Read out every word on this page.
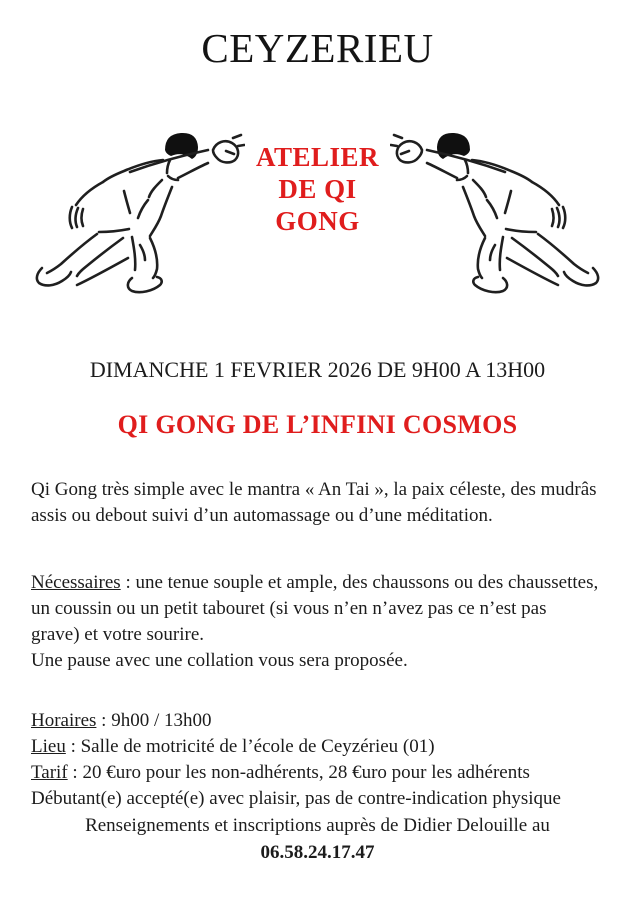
CEYZERIEU
ATELIER
DE QI
GONG
DIMANCHE 1 FEVRIER 2026 DE 9H00 A 13H00
QI GONG DE L’INFINI COSMOS
Qi Gong très simple avec le mantra « An Tai », la paix céleste, des mudrâs
assis ou debout suivi d’un automassage ou d’une méditation.
Nécessaires : une tenue souple et ample, des chaussons ou des chaussettes,
un coussin ou un petit tabouret (si vous n’en n’avez pas ce n’est pas
grave) et votre sourire.
Une pause avec une collation vous sera proposée.
Horaires : 9h00 / 13h00
Lieu : Salle de motricité de l’école de Ceyzérieu (01)
Tarif : 20 €uro pour les non-adhérents, 28 €uro pour les adhérents
Débutant(e) accepté(e) avec plaisir, pas de contre-indication physique
Renseignements et inscriptions auprès de Didier Delouille au
06.58.24.17.47
